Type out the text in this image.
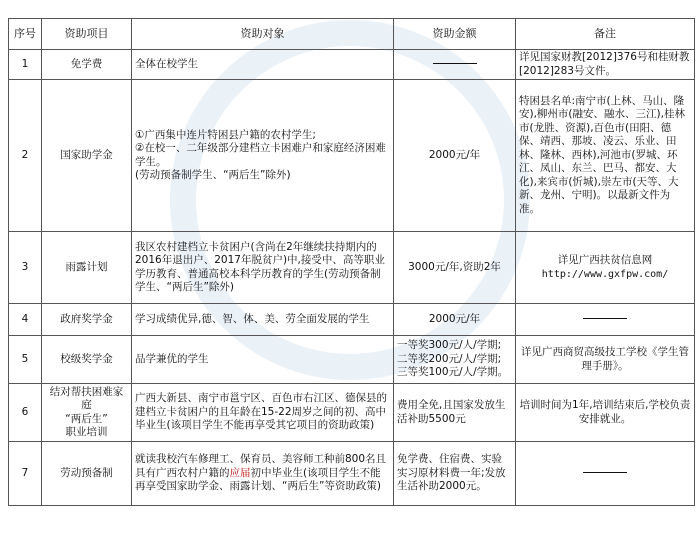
序号	资助项目	资助对象	资助金额	备注
1	免学费	全体在校学生		详见国家财教[2012]376号和桂财教[2012]283号文件。
2	国家助学金	①广西集中连片特困县户籍的农村学生;
②在校一、二年级部分建档立卡困难户和家庭经济困难学生。
(劳动预备制学生、“两后生”除外)	2000元/年	特困县名单:南宁市(上林、马山、隆安),柳州市(融安、融水、三江),桂林市(龙胜、资源),百色市(田阳、德保、靖西、那坡、凌云、乐业、田林、隆林、西林),河池市(罗城、环江、凤山、东兰、巴马、都安、大化),来宾市(忻城),崇左市(天等、大新、龙州、宁明)。以最新文件为准。
3	雨露计划	我区农村建档立卡贫困户(含尚在2年继续扶持期内的2016年退出户、2017年脱贫户)中,接受中、高等职业学历教育、普通高校本科学历教育的学生(劳动预备制学生、“两后生”除外)	3000元/年,资助2年	详见广西扶贫信息网
http://www.gxfpw.com/

4	政府奖学金	学习成绩优异,德、智、体、美、劳全面发展的学生	2000元/年	
5	校级奖学金	品学兼优的学生	一等奖300元/人/学期;
二等奖200元/人/学期;
三等奖100元/人/学期。	详见广西商贸高级技工学校《学生管理手册》。
6	结对帮扶困难家庭
“两后生”
职业培训	广西大新县、南宁市邕宁区、百色市右江区、德保县的建档立卡贫困户的且年龄在15-22周岁之间的初、高中毕业生(该项目学生不能再享受其它项目的资助政策)	费用全免,且国家发放生活补助5500元	培训时间为1年,培训结束后,学校负责安排就业。
7	劳动预备制	就读我校汽车修理工、保育员、美容师工种前800名且具有广西农村户籍的应届初中毕业生(该项目学生不能再享受国家助学金、雨露计划、“两后生”等资助政策)	免学费、住宿费、实验实习原材料费一年;发放生活补助2000元。	
